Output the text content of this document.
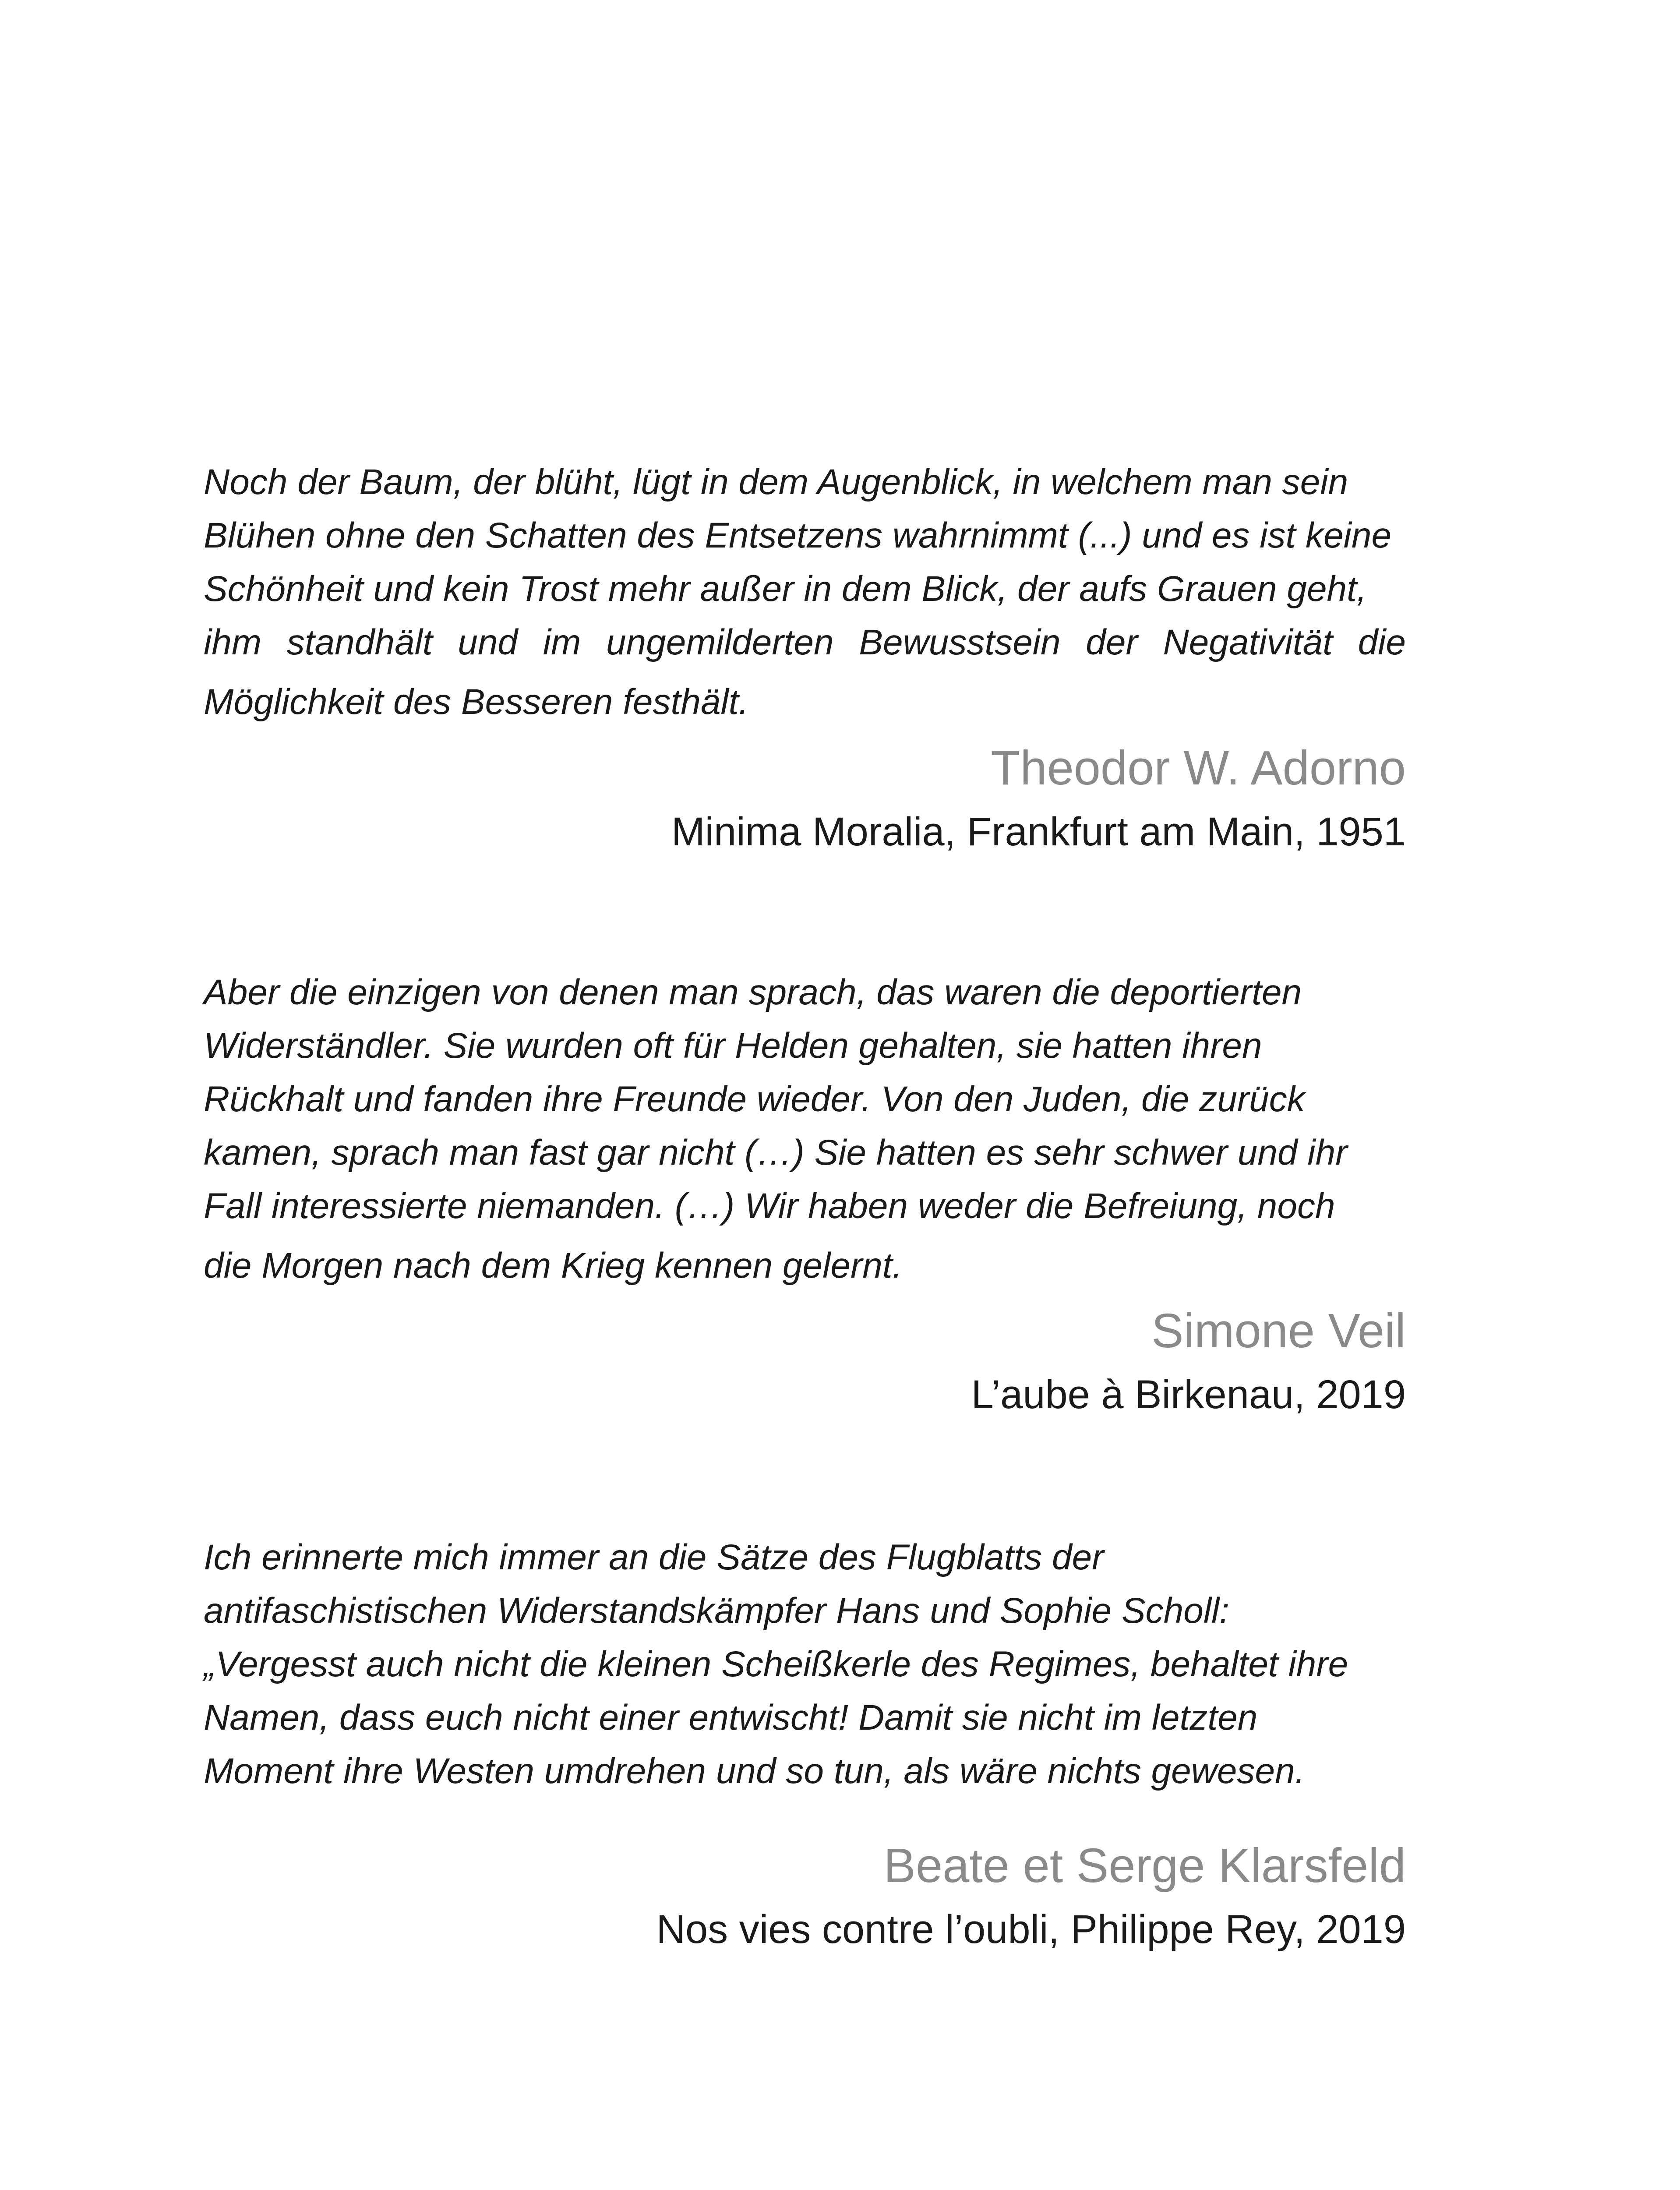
Noch der Baum, der blüht, lügt in dem Augenblick, in welchem man sein
Blühen ohne den Schatten des Entsetzens wahrnimmt (...) und es ist keine
Schönheit und kein Trost mehr außer in dem Blick, der aufs Grauen geht,
ihm standhält und im ungemilderten Bewusstsein der Negativität die
Möglichkeit des Besseren festhält.

Theodor W. Adorno

Minima Moralia, Frankfurt am Main, 1951

Aber die einzigen von denen man sprach, das waren die deportierten
Widerständler. Sie wurden oft für Helden gehalten, sie hatten ihren
Rückhalt und fanden ihre Freunde wieder. Von den Juden, die zurück
kamen, sprach man fast gar nicht (…) Sie hatten es sehr schwer und ihr
Fall interessierte niemanden. (…) Wir haben weder die Befreiung, noch
die Morgen nach dem Krieg kennen gelernt.

Simone Veil

L’aube à Birkenau, 2019

Ich erinnerte mich immer an die Sätze des Flugblatts der
antifaschistischen Widerstandskämpfer Hans und Sophie Scholl:
„Vergesst auch nicht die kleinen Scheißkerle des Regimes, behaltet ihre
Namen, dass euch nicht einer entwischt! Damit sie nicht im letzten
Moment ihre Westen umdrehen und so tun, als wäre nichts gewesen.

Beate et Serge Klarsfeld

Nos vies contre l’oubli, Philippe Rey, 2019
